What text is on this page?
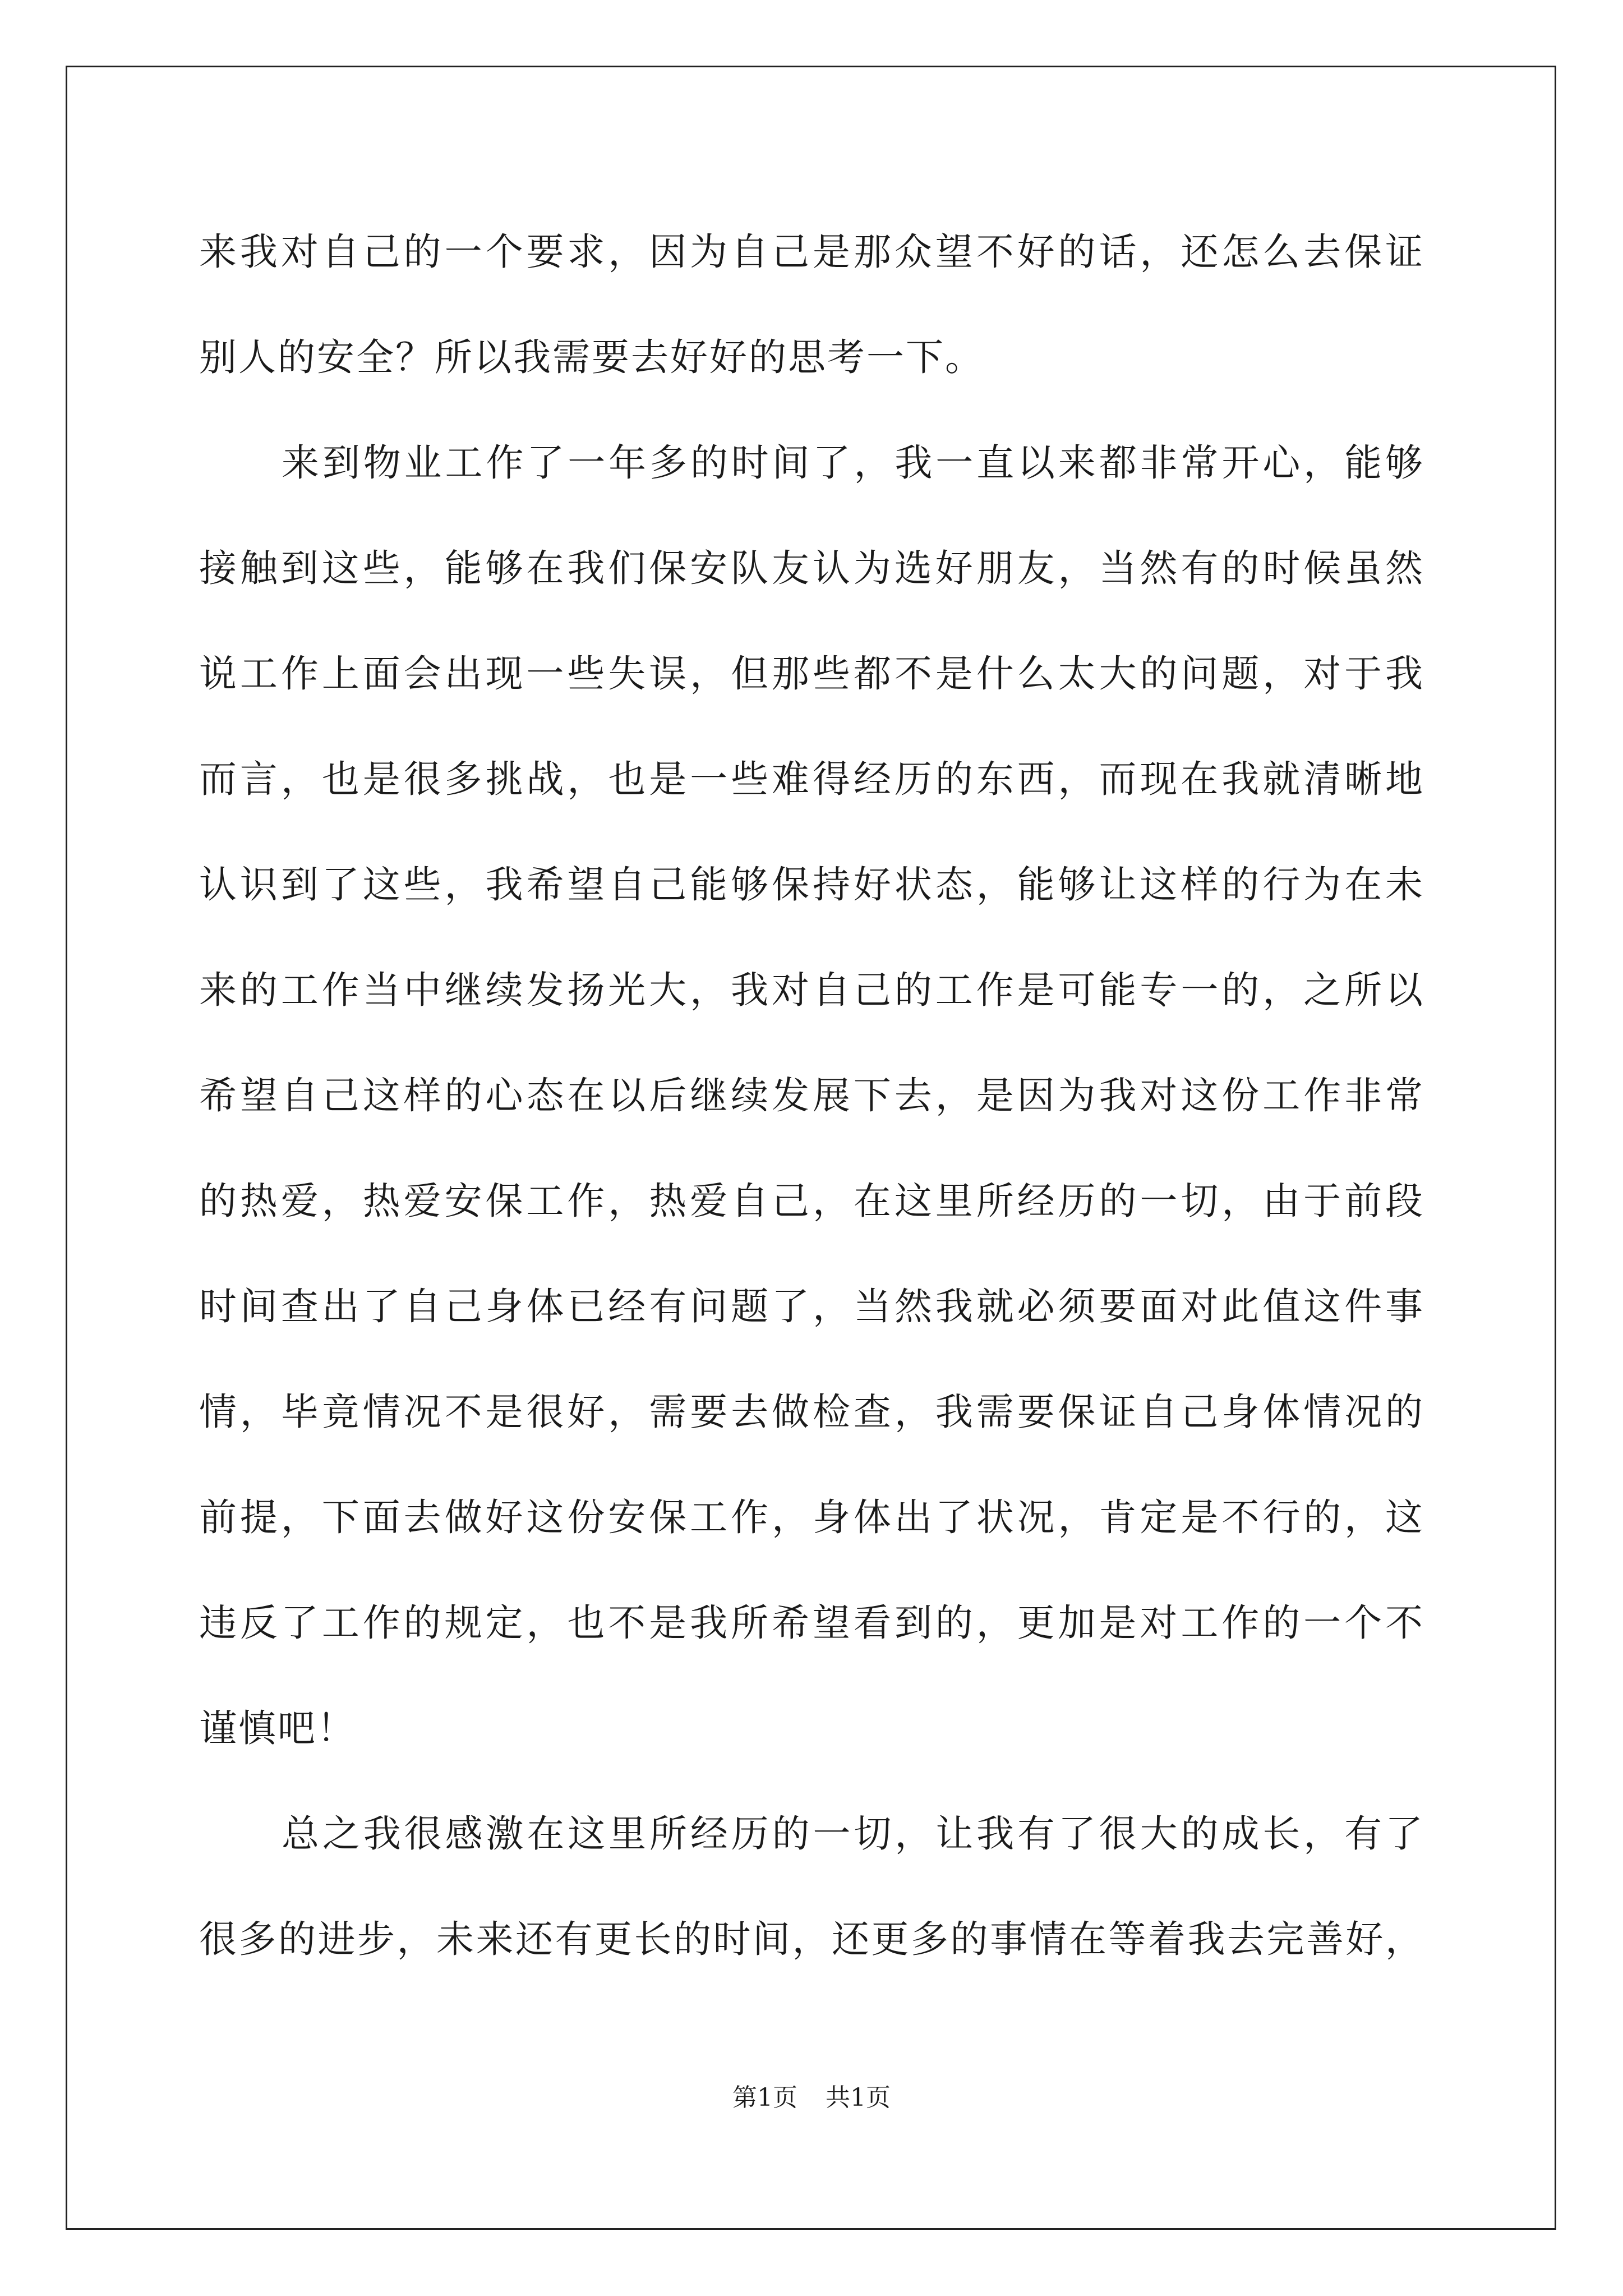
来我对自己的一个要求，因为自己是那众望不好的话，还怎么去保证
别人的安全？所以我需要去好好的思考一下。
来到物业工作了一年多的时间了，我一直以来都非常开心，能够
接触到这些，能够在我们保安队友认为选好朋友，当然有的时候虽然
说工作上面会出现一些失误，但那些都不是什么太大的问题，对于我
而言，也是很多挑战，也是一些难得经历的东西，而现在我就清晰地
认识到了这些，我希望自己能够保持好状态，能够让这样的行为在未
来的工作当中继续发扬光大，我对自己的工作是可能专一的，之所以
希望自己这样的心态在以后继续发展下去，是因为我对这份工作非常
的热爱，热爱安保工作，热爱自己，在这里所经历的一切，由于前段
时间查出了自己身体已经有问题了，当然我就必须要面对此值这件事
情，毕竟情况不是很好，需要去做检查，我需要保证自己身体情况的
前提，下面去做好这份安保工作，身体出了状况，肯定是不行的，这
违反了工作的规定，也不是我所希望看到的，更加是对工作的一个不
谨慎吧！
总之我很感激在这里所经历的一切，让我有了很大的成长，有了
很多的进步，未来还有更长的时间，还更多的事情在等着我去完善好，
第1页 共1页
